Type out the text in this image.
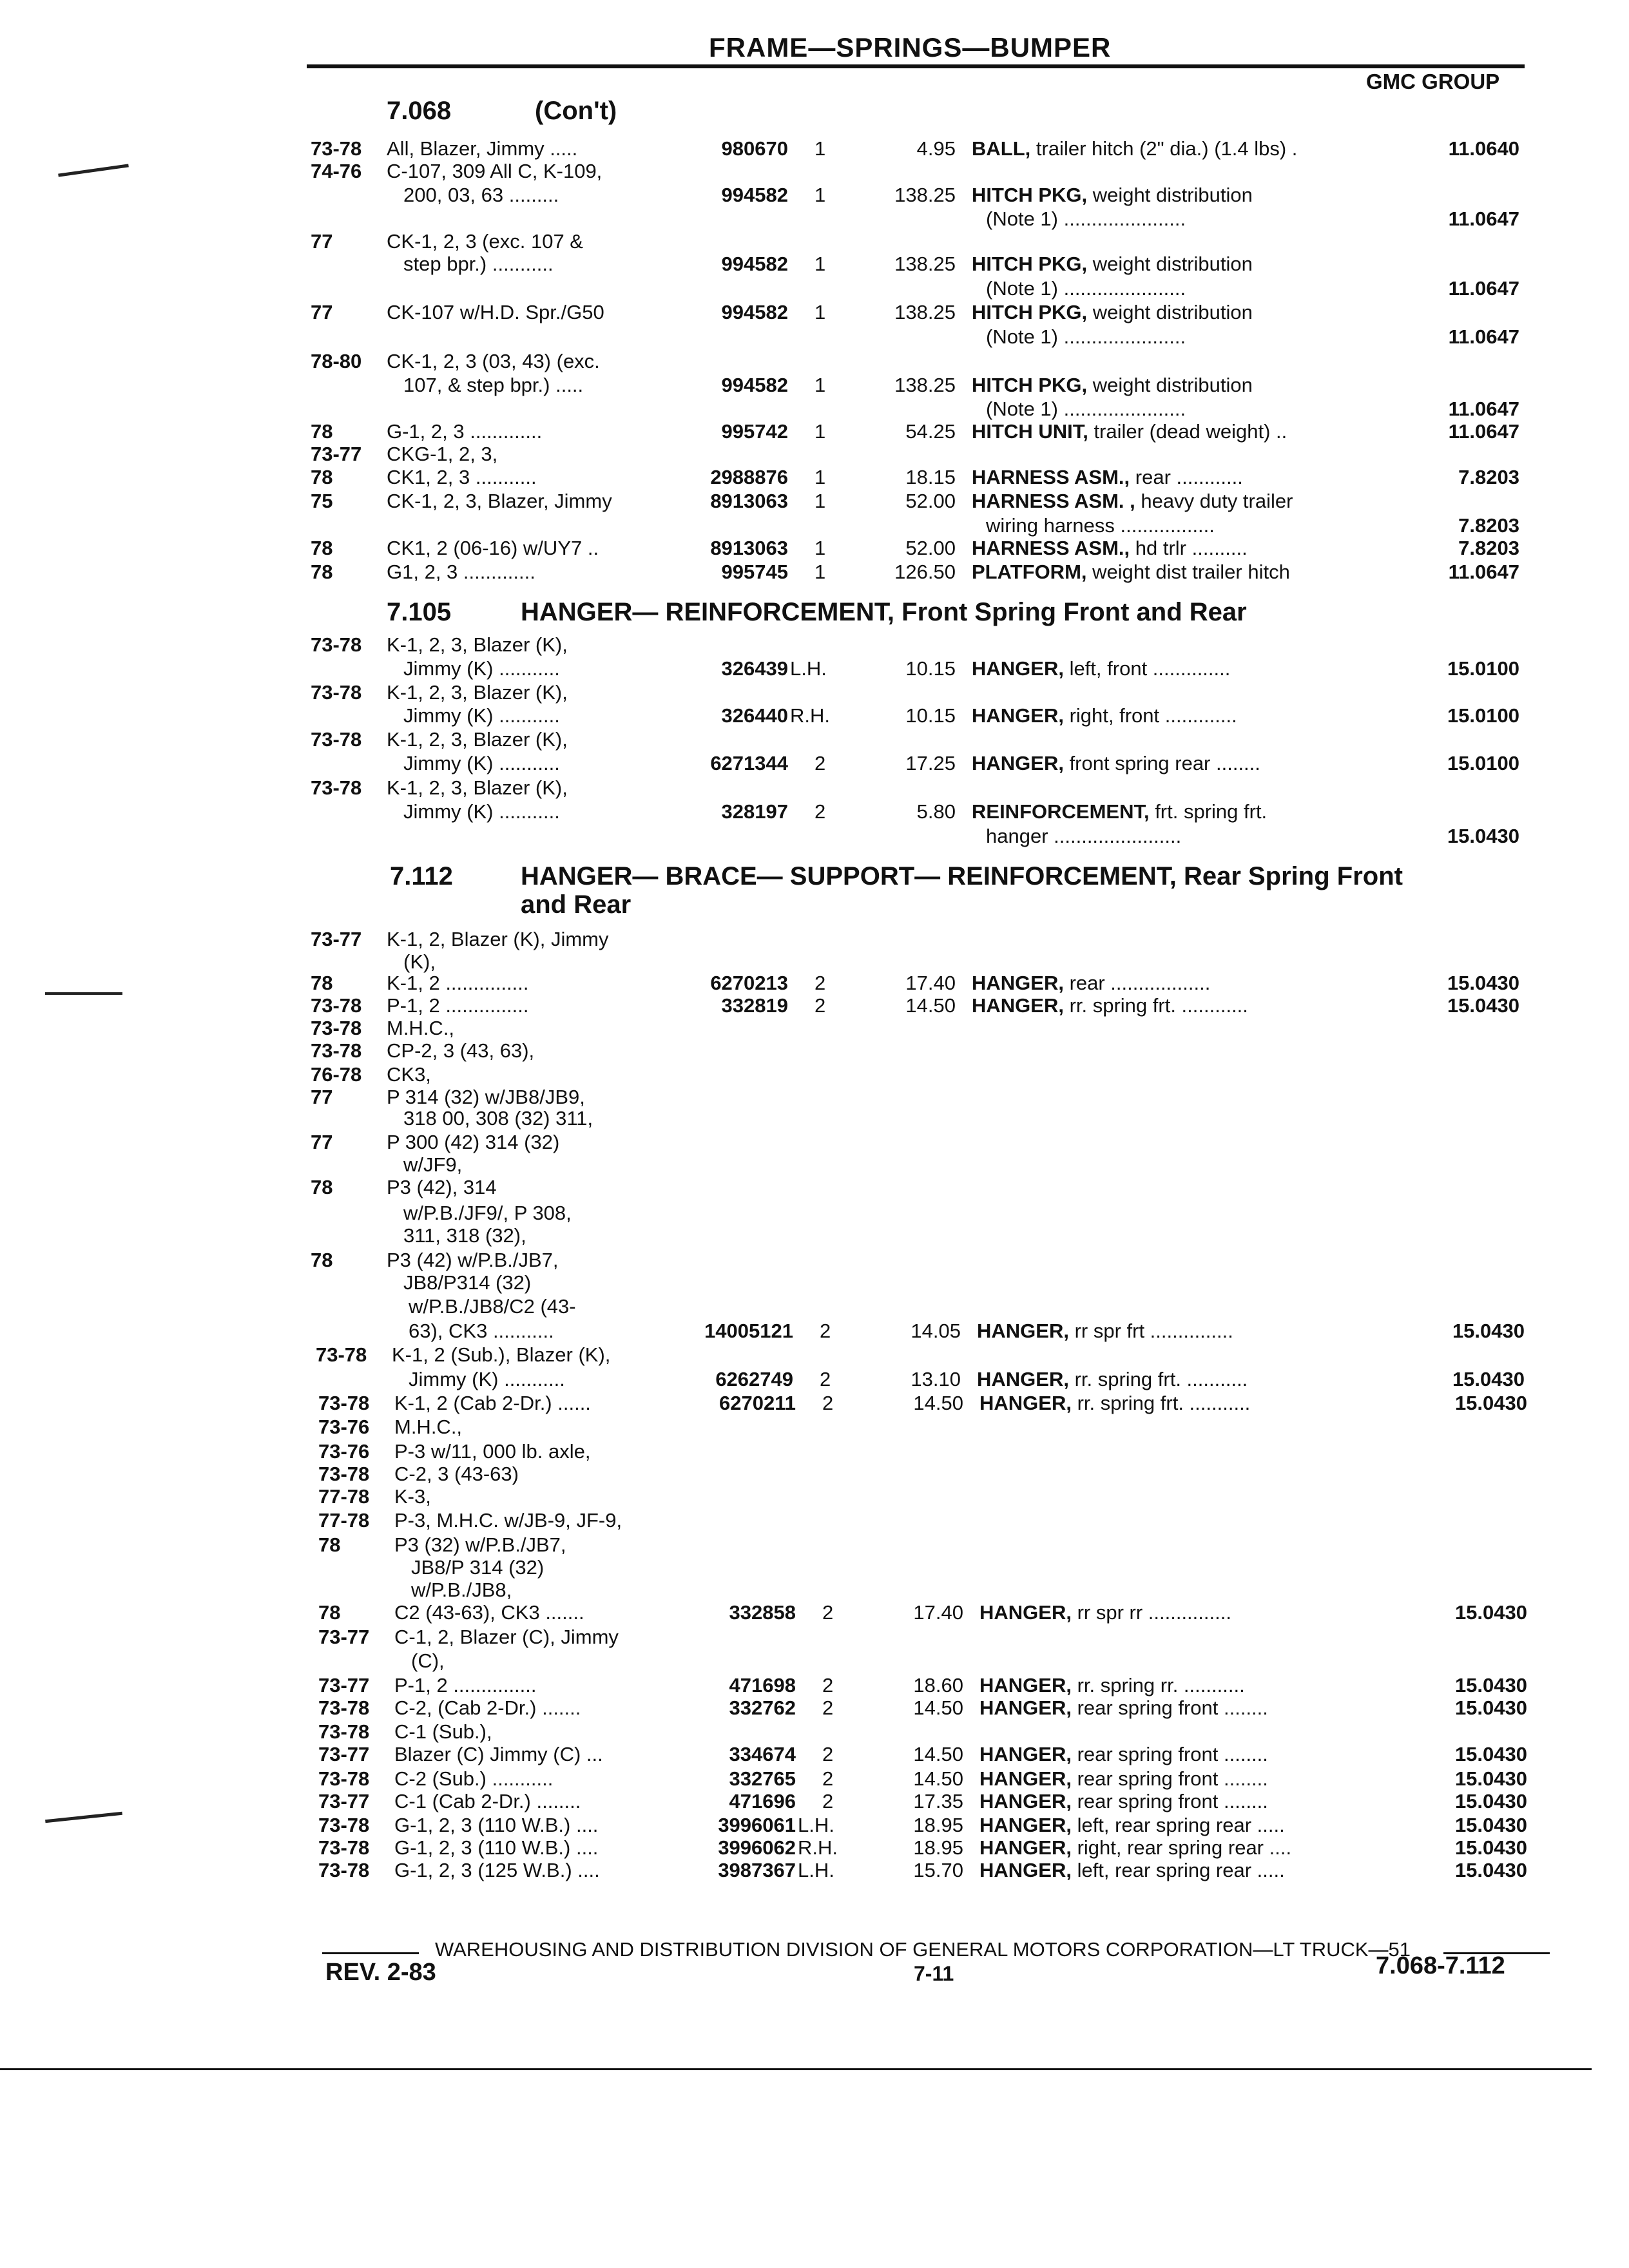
FRAME—SPRINGS—BUMPER
GMC GROUP
7.068	(Con't)
7.105	HANGER— REINFORCEMENT, Front Spring Front and Rear
7.112	HANGER— BRACE— SUPPORT— REINFORCEMENT, Rear Spring Front
and Rear
73-78 All, Blazer, Jimmy .....	980670 1	4.95 BALL, trailer hitch (2" dia.) (1.4 lbs) .	11.0640
74-76 C-107, 309 All C, K-109,
200, 03, 63 .........	994582 1	138.25 HITCH PKG, weight distribution
(Note 1) ......................	11.0647
77	CK-1, 2, 3 (exc. 107 &
step bpr.) ...........	994582 1	138.25 HITCH PKG, weight distribution
(Note 1) ......................	11.0647
77	CK-107 w/H.D. Spr./G50	994582 1	138.25 HITCH PKG, weight distribution
(Note 1) ......................	11.0647
78-80 CK-1, 2, 3 (03, 43) (exc.
107, & step bpr.) .....	994582 1	138.25 HITCH PKG, weight distribution
(Note 1) ......................	11.0647
78	G-1, 2, 3 .............	995742 1	54.25 HITCH UNIT, trailer (dead weight) ..	11.0647
73-77 CKG-1, 2, 3,
78	CK1, 2, 3 ...........	2988876 1	18.15 HARNESS ASM., rear ............	7.8203
75	CK-1, 2, 3, Blazer, Jimmy	8913063 1	52.00 HARNESS ASM. , heavy duty trailer
wiring harness .................	7.8203
78	CK1, 2 (06-16) w/UY7 ..	8913063 1	52.00 HARNESS ASM., hd trlr ..........	7.8203
78	G1, 2, 3 .............	995745 1	126.50 PLATFORM, weight dist trailer hitch	11.0647
73-78 K-1, 2, 3, Blazer (K),
Jimmy (K) ...........	326439 L.H.	10.15 HANGER, left, front ..............	15.0100
73-78 K-1, 2, 3, Blazer (K),
Jimmy (K) ...........	326440 R.H.	10.15 HANGER, right, front .............	15.0100
73-78 K-1, 2, 3, Blazer (K),
Jimmy (K) ...........	6271344 2	17.25 HANGER, front spring rear ........	15.0100
73-78 K-1, 2, 3, Blazer (K),
Jimmy (K) ...........	328197 2	5.80 REINFORCEMENT, frt. spring frt.
hanger .......................	15.0430
73-77 K-1, 2, Blazer (K), Jimmy
(K),
78	K-1, 2 ...............	6270213 2	17.40 HANGER, rear ..................	15.0430
73-78 P-1, 2 ...............	332819 2	14.50 HANGER, rr. spring frt. ............	15.0430
73-78 M.H.C.,
73-78 CP-2, 3 (43, 63),
76-78 CK3,
77	P 314 (32) w/JB8/JB9,
318 00, 308 (32) 311,
77	P 300 (42) 314 (32)
w/JF9,
78	P3 (42), 314
w/P.B./JF9/, P 308,
311, 318 (32),
78	P3 (42) w/P.B./JB7,
JB8/P314 (32)
w/P.B./JB8/C2 (43-
63), CK3 ...........	14005121 2	14.05 HANGER, rr spr frt ...............	15.0430
73-78 K-1, 2 (Sub.), Blazer (K),
Jimmy (K) ...........	6262749 2	13.10 HANGER, rr. spring frt. ...........	15.0430
73-78 K-1, 2 (Cab 2-Dr.) ......	6270211 2	14.50 HANGER, rr. spring frt. ...........	15.0430
73-76 M.H.C.,
73-76 P-3 w/11, 000 lb. axle,
73-78 C-2, 3 (43-63)
77-78 K-3,
77-78 P-3, M.H.C. w/JB-9, JF-9,
78	P3 (32) w/P.B./JB7,
JB8/P 314 (32)
w/P.B./JB8,
78	C2 (43-63), CK3 .......	332858 2	17.40 HANGER, rr spr rr ...............	15.0430
73-77 C-1, 2, Blazer (C), Jimmy
(C),
73-77 P-1, 2 ...............	471698 2	18.60 HANGER, rr. spring rr. ...........	15.0430
73-78 C-2, (Cab 2-Dr.) .......	332762 2	14.50 HANGER, rear spring front ........	15.0430
73-78 C-1 (Sub.),
73-77 Blazer (C) Jimmy (C) ...	334674 2	14.50 HANGER, rear spring front ........	15.0430
73-78 C-2 (Sub.) ...........	332765 2	14.50 HANGER, rear spring front ........	15.0430
73-77 C-1 (Cab 2-Dr.) ........	471696 2	17.35 HANGER, rear spring front ........	15.0430
73-78 G-1, 2, 3 (110 W.B.) ....	3996061 L.H.	18.95 HANGER, left, rear spring rear .....	15.0430
73-78 G-1, 2, 3 (110 W.B.) ....	3996062 R.H.	18.95 HANGER, right, rear spring rear ....	15.0430
73-78 G-1, 2, 3 (125 W.B.) ....	3987367 L.H.	15.70 HANGER, left, rear spring rear .....	15.0430
WAREHOUSING AND DISTRIBUTION DIVISION OF GENERAL MOTORS CORPORATION—LT TRUCK—51
REV. 2-83	7-11	7.068-7.112
